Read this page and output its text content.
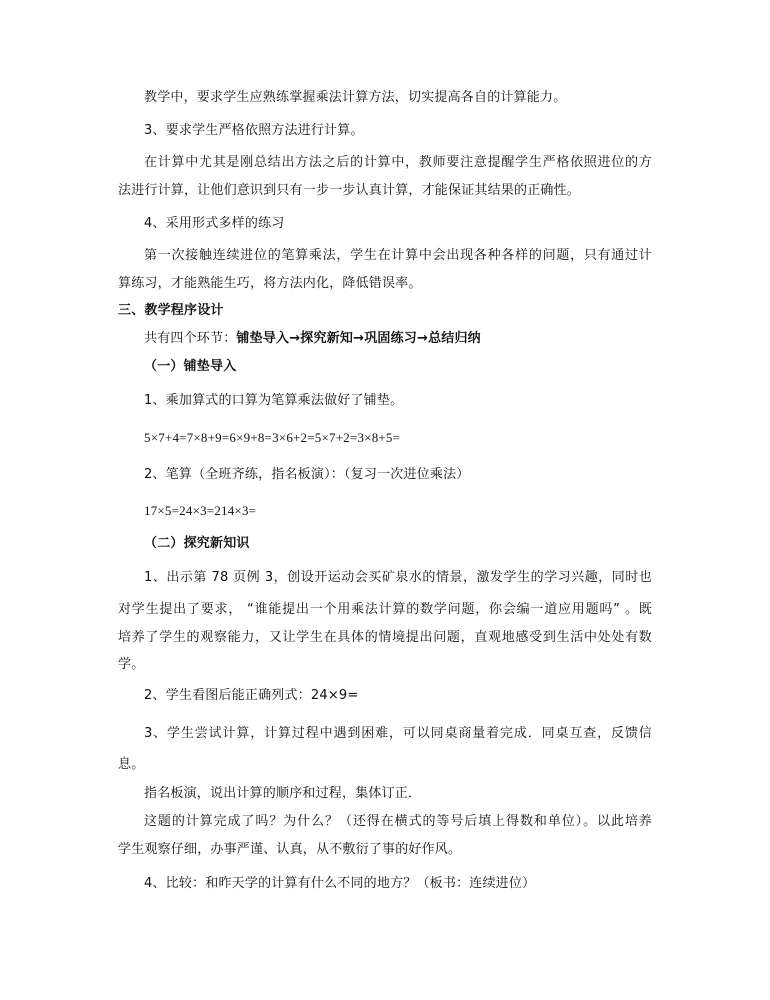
教学中，要求学生应熟练掌握乘法计算方法，切实提高各自的计算能力。
3、要求学生严格依照方法进行计算。
在计算中尤其是刚总结出方法之后的计算中，教师要注意提醒学生严格依照进位的方
法进行计算，让他们意识到只有一步一步认真计算，才能保证其结果的正确性。
4、采用形式多样的练习
第一次接触连续进位的笔算乘法，学生在计算中会出现各种各样的问题，只有通过计
算练习，才能熟能生巧，将方法内化，降低错误率。
三、教学程序设计
共有四个环节：铺垫导入→探究新知→巩固练习→总结归纳
（一）铺垫导入
1、乘加算式的口算为笔算乘法做好了铺垫。
5×7+4=7×8+9=6×9+8=3×6+2=5×7+2=3×8+5=
2、笔算（全班齐练，指名板演）：（复习一次进位乘法）
17×5=24×3=214×3=
（二）探究新知识
1、出示第 78 页例 3，创设开运动会买矿泉水的情景，激发学生的学习兴趣，同时也
对学生提出了要求， “谁能提出一个用乘法计算的数学问题，你会编一道应用题吗” 。既
培养了学生的观察能力，又让学生在具体的情境提出问题，直观地感受到生活中处处有数
学。
2、学生看图后能正确列式：24×9=
3、学生尝试计算，计算过程中遇到困难，可以同桌商量着完成．同桌互查，反馈信
息。
指名板演，说出计算的顺序和过程，集体订正．
这题的计算完成了吗？为什么？（还得在横式的等号后填上得数和单位）。以此培养
学生观察仔细，办事严谨、认真，从不敷衍了事的好作风。
4、比较：和昨天学的计算有什么不同的地方？（板书：连续进位）
